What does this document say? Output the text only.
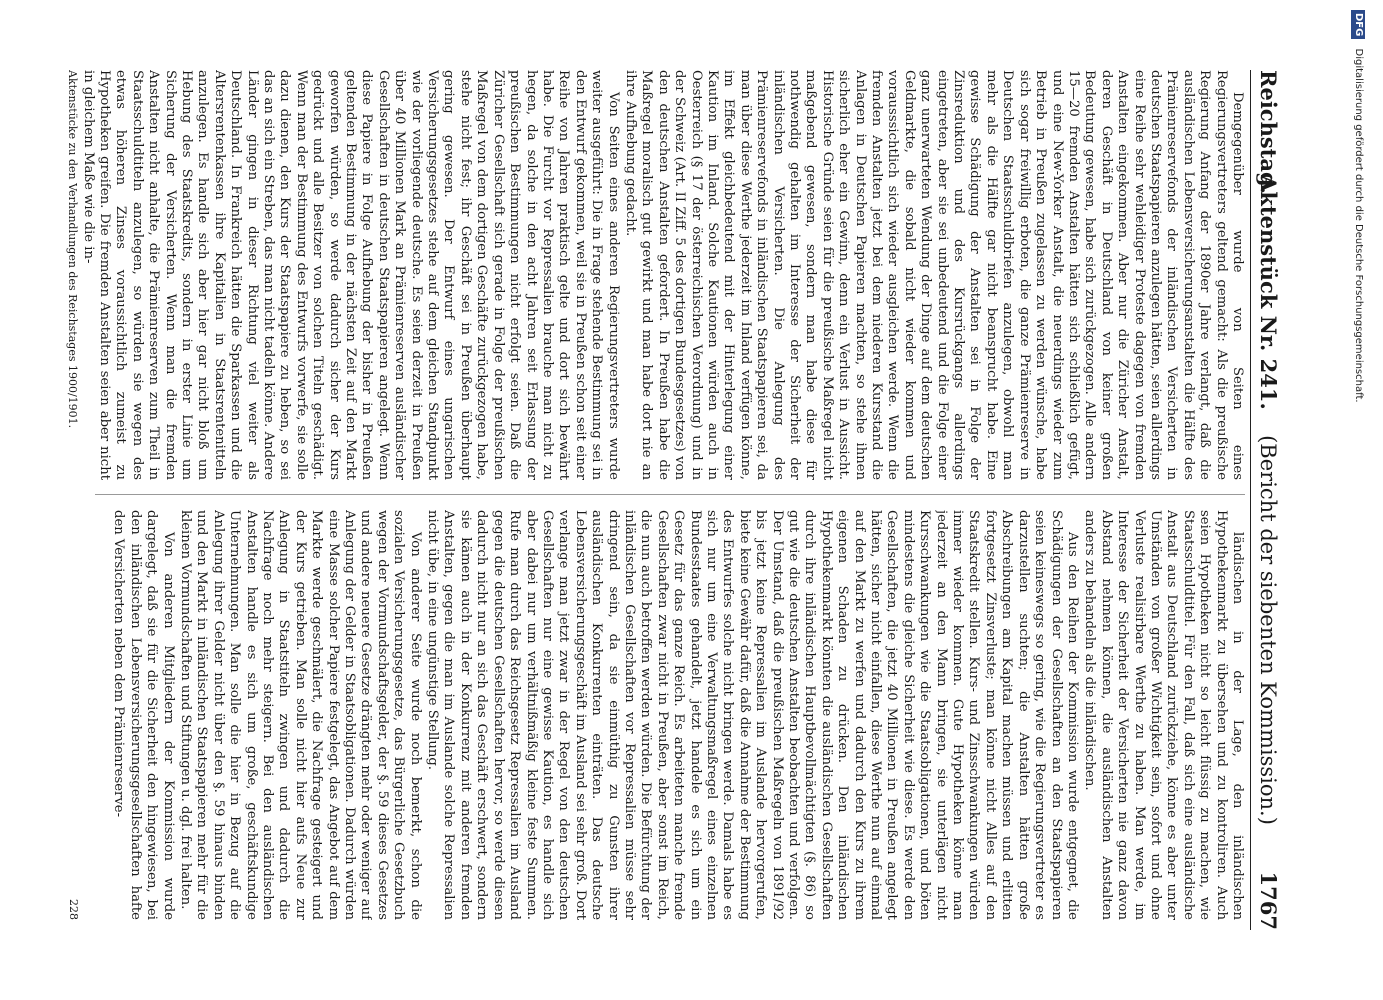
Reichstag.
Aktenstück Nr. 241. (Bericht der siebenten Kommission.)
1767

Demgegenüber wurde von Seiten eines Regierungsvertreters geltend gemacht: Als die preußische Regierung Anfang der 1890er Jahre verlangt, daß die ausländischen Lebensversicherungsanstalten die Hälfte des Prämienreservefonds der inländischen Versicherten in deutschen Staatspapieren anzulegen hätten, seien allerdings eine Reihe sehr wehleidiger Proteste dagegen von fremden Anstalten eingekommen. Aber nur die Züricher Anstalt, deren Geschäft in Deutschland von keiner großen Bedeutung gewesen, habe sich zurückgezogen. Alle andern 15—20 fremden Anstalten hätten sich schließlich gefügt, und eine New-Yorker Anstalt, die neuerdings wieder zum Betrieb in Preußen zugelassen zu werden wünsche, habe sich sogar freiwillig erboten, die ganze Prämienreserve in Deutschen Staatsschuldbriefen anzulegen, obwohl man mehr als die Hälfte gar nicht beansprucht habe. Eine gewisse Schädigung der Anstalten sei in Folge der Zinsreduktion und des Kursrückgangs allerdings eingetreten, aber sie sei unbedeutend und die Folge einer ganz unerwarteten Wendung der Dinge auf dem deutschen Geldmarkte, die sobald nicht wieder kommen und vorausssichtlich sich wieder ausgleichen werde. Wenn die fremden Anstalten jetzt bei dem niederen Kursstand die Anlagen in Deutschen Papieren machten, so stehe ihnen sicherlich eher ein Gewinn, denn ein Verlust in Aussicht. Historische Gründe seien für die preußische Maßregel nicht maßgebend gewesen, sondern man habe diese für nothwendig gehalten im Interesse der Sicherheit der inländischen Versicherten. Die Anlegung des Prämienreservefonds in inländischen Staatspapieren sei, da man über diese Werthe jederzeit im Inland verfügen könne, im Effekt gleichbedeutend mit der Hinterlegung einer Kaution im Inland. Solche Kautionen würden auch in Oesterreich (§ 17 der österreichischen Verordnung) und in der Schweiz (Art. II Ziff. 5 des dortigen Bundesgesetzes) von den deutschen Anstalten gefordert. In Preußen habe die Maßregel moralisch gut gewirkt und man habe dort nie an ihre Aufhebung gedacht.

Von Seiten eines anderen Regierungsvertreters wurde weiter ausgeführt: Die in Frage stehende Bestimmung sei in den Entwurf gekommen, weil sie in Preußen schon seit einer Reihe von Jahren praktisch gelte und dort sich bewährt habe. Die Furcht vor Repressalien brauche man nicht zu hegen, da solche in den acht Jahren seit Erlassung der preußischen Bestimmungen nicht erfolgt seien. Daß die Züricher Gesellschaft sich gerade in Folge der preußischen Maßregel von dem dortigen Geschäfte zurückgezogen habe, stehe nicht fest; ihr Geschäft sei in Preußen überhaupt gering gewesen. Der Entwurf eines ungarischen Versicherungsgesetzes stehe auf dem gleichen Standpunkt wie der vorliegende deutsche. Es seien derzeit in Preußen über 40 Millionen Mark an Prämienreserven ausländischer Gesellschaften in deutschen Staatspapieren angelegt. Wenn diese Papiere in Folge Aufhebung der bisher in Preußen geltenden Bestimmung in der nächsten Zeit auf den Markt geworfen würden, so werde dadurch sicher der Kurs gedrückt und alle Besitzer von solchen Titeln geschädigt. Wenn man der Bestimmung des Entwurfs vorwerfe, sie solle dazu dienen, den Kurs der Staatspapiere zu heben, so sei das an sich ein Streben, das man nicht tadeln könne. Andere Länder gingen in dieser Richtung viel weiter als Deutschland. In Frankreich hätten die Sparkassen und die Altersrentenkassen ihre Kapitalien in Staatsrentenitteln anzulegen. Es handle sich aber hier gar nicht bloß um Hebung des Staatskredits, sondern in erster Linie um Sicherung der Versicherten. Wenn man die fremden Anstalten nicht anhalte, die Prämienreserven zum Theil in Staatsschuldtiteln anzulegen, so würden sie wegen des etwas höheren Zinses voraussichtlich zumeist zu Hypotheken greifen. Die fremden Anstalten seien aber nicht in gleichem Maße wie die in-

Aktenstücke zu den Verhandlungen des Reichstages 1900/1901.

ländischen in der Lage, den inländischen Hypothekenmarkt zu übersehen und zu kontroliren. Auch seien Hypotheken nicht so leicht flüssig zu machen, wie Staatsschuldtitel. Für den Fall, daß sich eine ausländische Anstalt aus Deutschland zurückziehe, könne es aber unter Umständen von großer Wichtigkeit sein, sofort und ohne Verluste realisirbare Werthe zu haben. Man werde, im Interesse der Sicherheit der Versicherten nie ganz davon Abstand nehmen können, die ausländischen Anstalten anders zu behandeln als die inländischen.

Aus den Reihen der Kommission wurde entgegnet, die Schädigungen der Gesellschaften an den Staatspapieren seien keineswegs so gering, wie die Regierungsvertreter es darzustellen suchten; die Anstalten hätten große Abschreibungen am Kapital machen müssen und erlitten fortgesetzt Zinsverluste; man könne nicht Alles auf den Staatskredit stellen. Kurs- und Zinsschwankungen würden immer wieder kommen. Gute Hypotheken könne man jederzeit an den Mann bringen, sie unterlägen nicht Kursschwankungen wie die Staatsobligationen, und böten mindestens die gleiche Sicherheit wie diese. Es werde den Gesellschaften, die jetzt 40 Millionen in Preußen angelegt hätten, sicher nicht einfallen, diese Werthe nun auf einmal auf den Markt zu werfen und dadurch den Kurs zu ihrem eigenen Schaden zu drücken. Den inländischen Hypothekenmarkt könnten die ausländischen Gesellschaften durch ihre inländischen Hauptbevollmächtigten (§. 86) so gut wie die deutschen Anstalten beobachten und verfolgen. Der Umstand, daß die preußischen Maßregeln von 1891/92 bis jetzt keine Repressalien im Auslande hervorgerufen, biete keine Gewähr dafür, daß die Annahme der Bestimmung des Entwurfes solche nicht bringen werde. Damals habe es sich nur um eine Verwaltungsmaßregel eines einzelnen Bundesstaates gehandelt, jetzt handele es sich um ein Gesetz für das ganze Reich. Es arbeiteten manche fremde Gesellschaften zwar nicht in Preußen, aber sonst im Reich, die nun auch betroffen werden würden. Die Befürchtung der inländischen Gesellschaften vor Repressalien müsse sehr dringend sein, da sie einmüthig zu Gunsten ihrer ausländischen Konkurrenten einträten. Das deutsche Lebensversicherungsgeschäft im Ausland sei sehr groß. Dort verlange man jetzt zwar in der Regel von den deutschen Gesellschaften nur eine gewisse Kaution, es handle sich aber dabei nur um verhältnißmäßig kleine feste Summen. Rufe man durch das Reichsgesetz Repressalien im Ausland gegen die deutschen Gesellschaften hervor, so werde diesen dadurch nicht nur an sich das Geschäft erschwert, sondern sie kämen auch in der Konkurrenz mit anderen fremden Anstalten, gegen die man im Auslande solche Repressalien nicht übe, in eine ungünstige Stellung.

Von anderer Seite wurde noch bemerkt, schon die sozialen Versicherungsgesetze, das Bürgerliche Gesetzbuch wegen der Vormundschaftsgelder, der §. 59 dieses Gesetzes und andere neuere Gesetze drängten mehr oder weniger auf Anlegung der Gelder in Staatsobligationen. Dadurch würden eine Masse solcher Papiere festgelegt, das Angebot auf dem Markte werde geschmälert, die Nachfrage gesteigert und der Kurs getrieben. Man solle nicht hier aufs Neue zur Anlegung in Staatstiteln zwingen und dadurch die Nachfrage noch mehr steigern. Bei den ausländischen Anstalten handle es sich um große, geschäftskundige Unternehmungen. Man solle die hier in Bezug auf die Anlegung ihrer Gelder nicht über den §. 59 hinaus binden und den Markt in inländischen Staatspapieren mehr für die kleinen Vormundschaften und Stiftungen u. dgl. frei halten.

Von anderen Mitgliedern der Kommission wurde dargelegt, daß sie für die Sicherheit den hingewiesen, bei den inländischen Lebensversicherungsgesellschaften hafte den Versicherten neben dem Prämienreserve-

228
DFG Digitalisierung gefördert durch die Deutsche Forschungsgemeinschaft.
